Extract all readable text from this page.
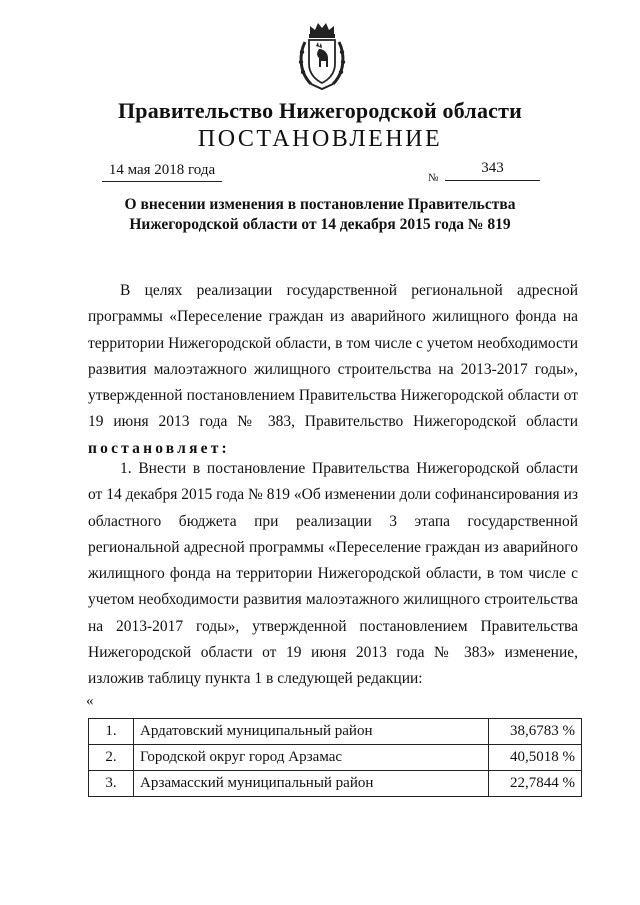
Правительство Нижегородской области
ПОСТАНОВЛЕНИЕ
14 мая 2018 года	№
343
О внесении изменения в постановление Правительства
Нижегородской области от 14 декабря 2015 года № 819
В целях реализации государственной региональной адресной программы «Переселение граждан из аварийного жилищного фонда на территории Нижегородской области, в том числе с учетом необходимости развития малоэтажного жилищного строительства на 2013-2017 годы», утвержденной постановлением Правительства Нижегородской области от 19 июня 2013 года № 383, Правительство Нижегородской области постановляет:
1. Внести в постановление Правительства Нижегородской области от 14 декабря 2015 года № 819 «Об изменении доли софинансирования из областного бюджета при реализации 3 этапа государственной региональной адресной программы «Переселение граждан из аварийного жилищного фонда на территории Нижегородской области, в том числе с учетом необходимости развития малоэтажного жилищного строительства на 2013-2017 годы», утвержденной постановлением Правительства Нижегородской области от 19 июня 2013 года № 383» изменение, изложив таблицу пункта 1 в следующей редакции:
«
1.	Ардатовский муниципальный район	38,6783 %
2.	Городской округ город Арзамас	40,5018 %
3.	Арзамасский муниципальный район	22,7844 %
